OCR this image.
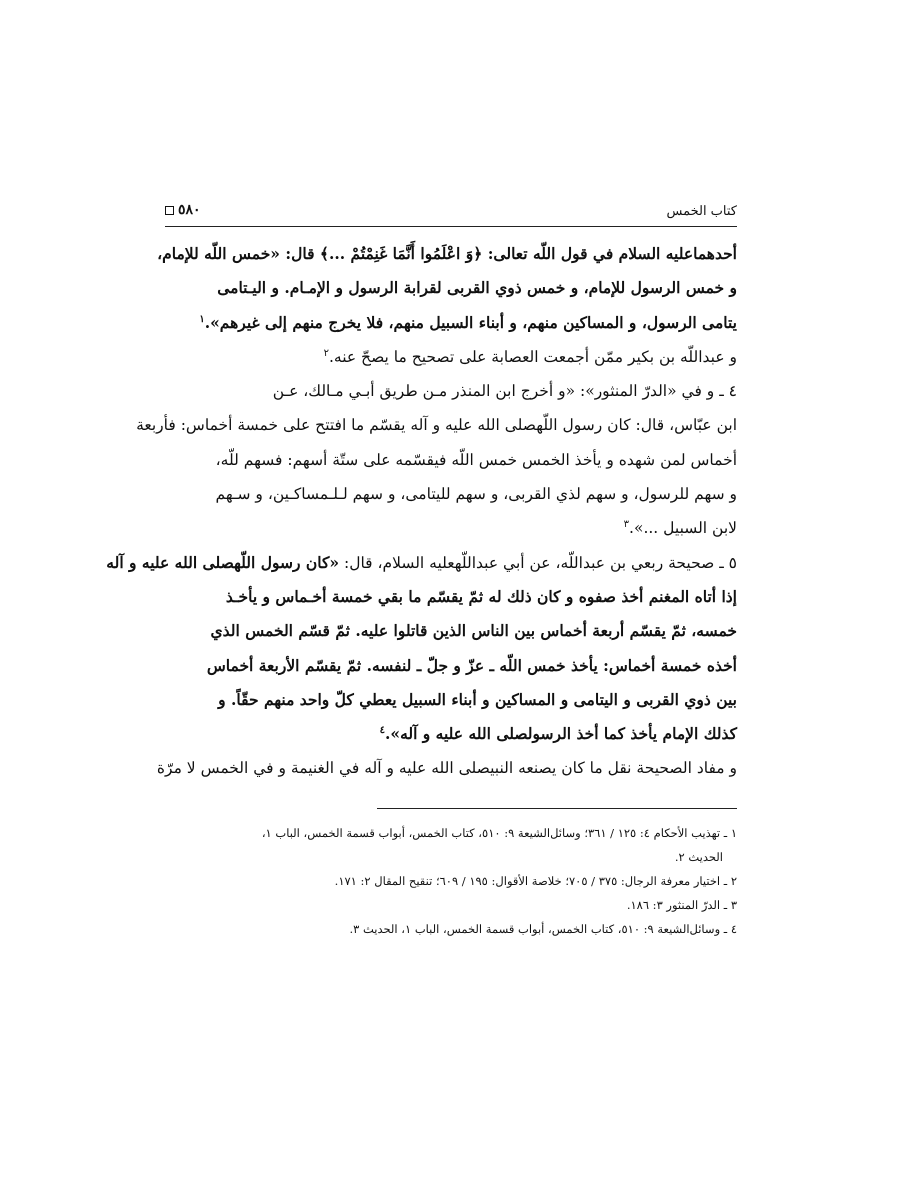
كتاب الخمس
٥٨٠

أحدهماعليه السلام في قول اللّه تعالى: ﴿وَ اعْلَمُوا أَنَّمَا غَنِمْتُمْ ...﴾ قال: «خمس اللّه للإمام،
و خمس الرسول للإمام، و خمس ذوي القربى لقرابة الرسول و الإمـام. و اليـتامى
يتامى الرسول، و المساكين منهم، و أبناء السبيل منهم، فلا يخرج منهم إلى غيرهم».$^١$

و عبداللّه بن بكير ممّن أجمعت العصابة على تصحيح ما يصحّ عنه.$^٢$

٤ ـ و في «الدرّ المنثور»: «و أخرج ابن المنذر مـن طريق أبـي مـالك، عـن
ابن عبّاس، قال: كان رسول اللّهصلى الله عليه و آله يقسّم ما افتتح على خمسة أخماس: فأربعة
أخماس لمن شهده و يأخذ الخمس خمس اللّه فيقسّمه على ستّة أسهم: فسهم للّه،
و سهم للرسول، و سهم لذي القربى، و سهم لليتامى، و سهم لـلـمساكـين، و سـهم
لابن السبيل ...».$^٣$

٥ ـ صحيحة ربعي بن عبداللّه، عن أبي عبداللّهعليه السلام، قال: «كان رسول اللّهصلى الله عليه و آله
إذا أتاه المغنم أخذ صفوه و كان ذلك له ثمّ يقسّم ما بقي خمسة أخـماس و يأخـذ
خمسه، ثمّ يقسّم أربعة أخماس بين الناس الذين قاتلوا عليه. ثمّ قسّم الخمس الذي
أخذه خمسة أخماس: يأخذ خمس اللّه ـ عزّ و جلّ ـ لنفسه. ثمّ يقسّم الأربعة أخماس
بين ذوي القربى و اليتامى و المساكين و أبناء السبيل يعطي كلّ واحد منهم حقّاً. و
كذلك الإمام يأخذ كما أخذ الرسولصلى الله عليه و آله».$^٤$

و مفاد الصحيحة نقل ما كان يصنعه النبيصلى الله عليه و آله في الغنيمة و في الخمس لا مرّة

١ ـ تهذيب الأحكام ٤: ١٢٥ / ٣٦١؛ وسائل‌الشيعة ٩: ٥١٠، كتاب الخمس، أبواب قسمة الخمس، الباب ١،

الحديث ٢.

٢ ـ اختيار معرفة الرجال: ٣٧٥ / ٧٠٥؛ خلاصة الأقوال: ١٩٥ / ٦٠٩؛ تنقيح المقال ٢: ١٧١.

٣ ـ الدرّ المنثور ٣: ١٨٦.

٤ ـ وسائل‌الشيعة ٩: ٥١٠، كتاب الخمس، أبواب قسمة الخمس، الباب ١، الحديث ٣.
